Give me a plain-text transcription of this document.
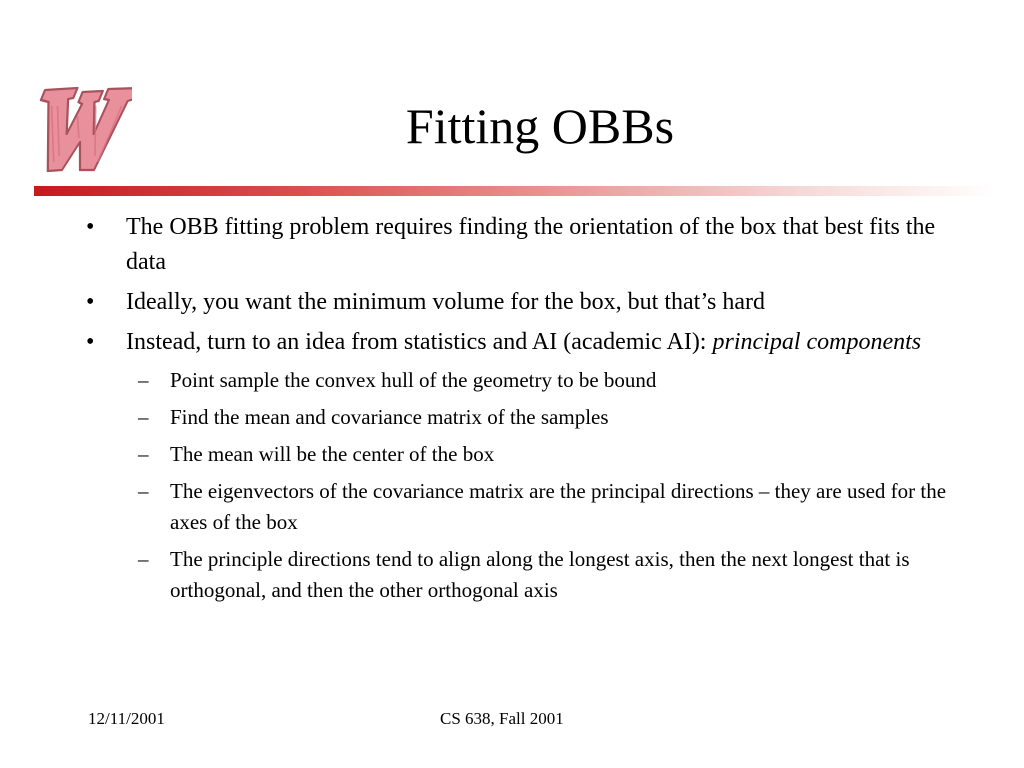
Fitting OBBs
• The OBB fitting problem requires finding the orientation of the box that best fits the data
• Ideally, you want the minimum volume for the box, but that’s hard
• Instead, turn to an idea from statistics and AI (academic AI): principal components
– Point sample the convex hull of the geometry to be bound
– Find the mean and covariance matrix of the samples
– The mean will be the center of the box
– The eigenvectors of the covariance matrix are the principal directions – they are used for the axes of the box
– The principle directions tend to align along the longest axis, then the next longest that is orthogonal, and then the other orthogonal axis
12/11/2001	CS 638, Fall 2001
